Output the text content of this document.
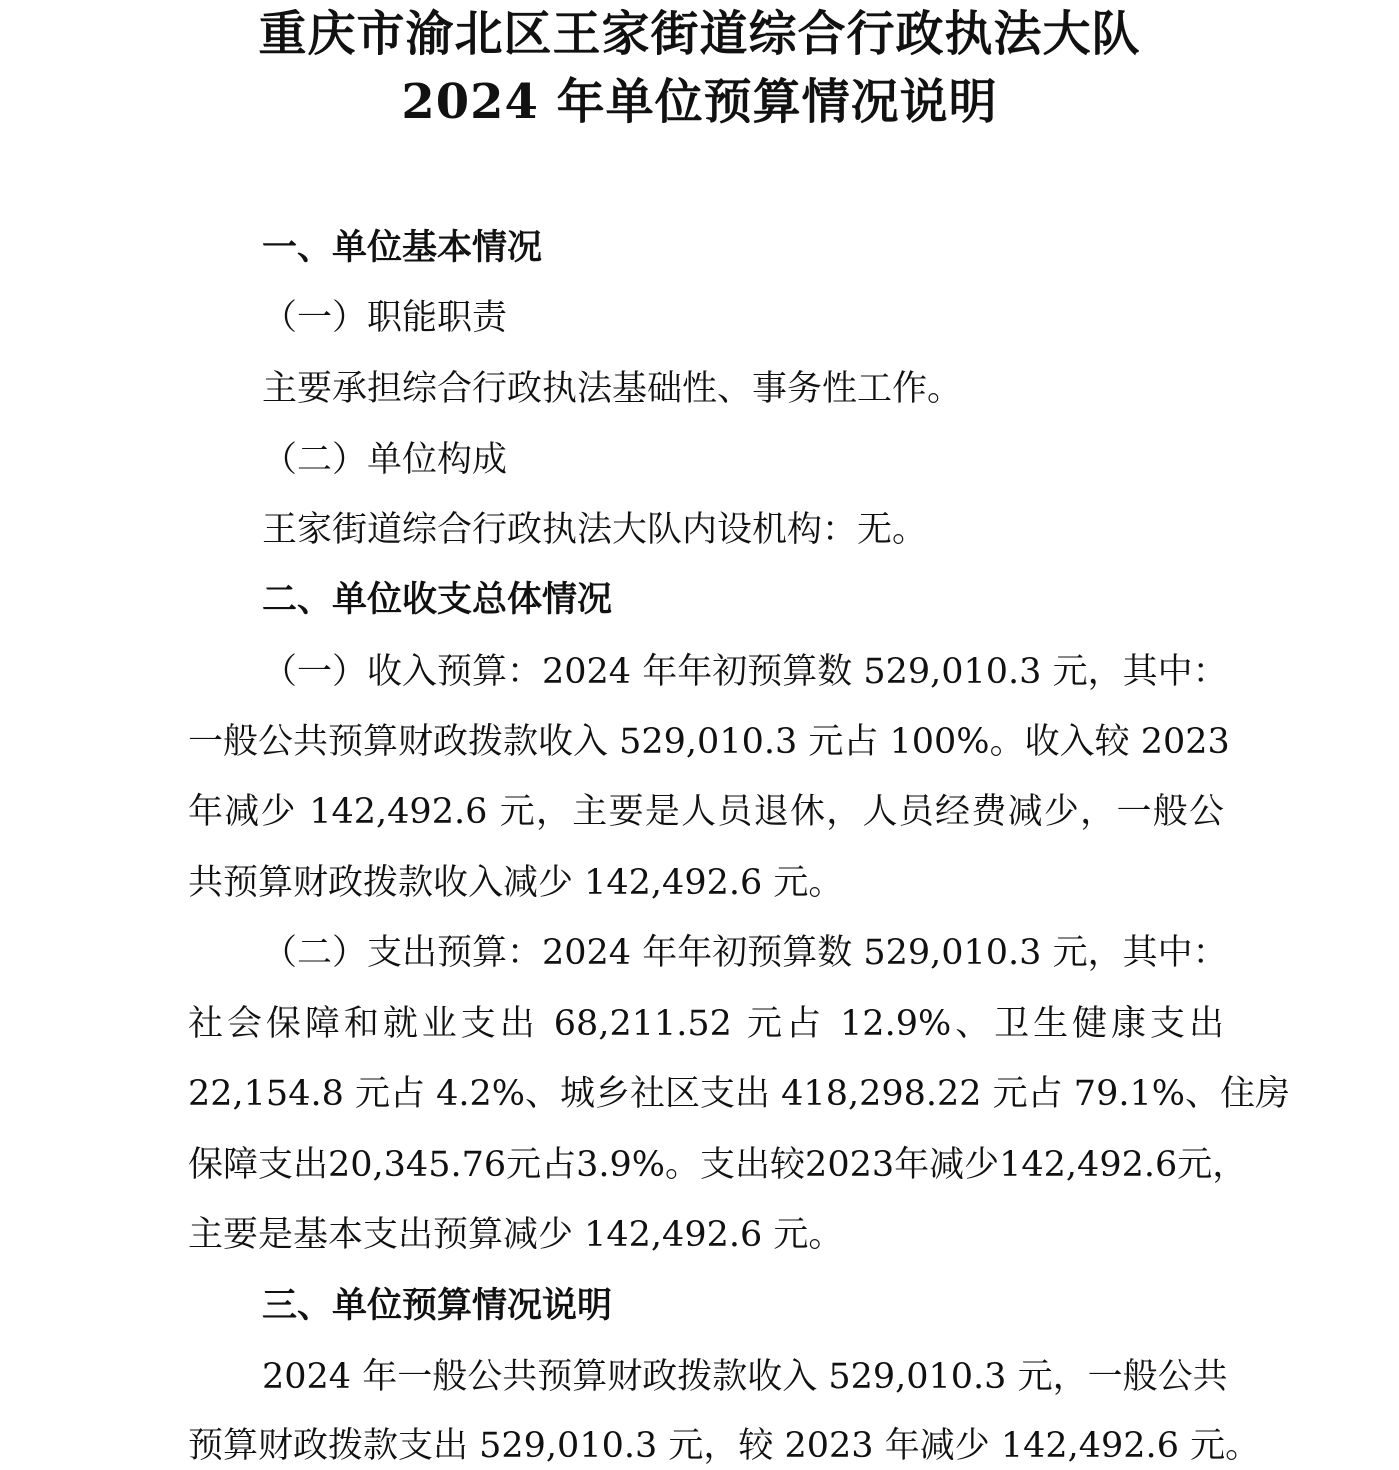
重庆市渝北区王家街道综合行政执法大队
2024 年单位预算情况说明
一、单位基本情况
（一）职能职责
主要承担综合行政执法基础性、事务性工作。
（二）单位构成
王家街道综合行政执法大队内设机构：无。
二、单位收支总体情况
（一）收入预算：2024 年年初预算数 529,010.3 元，其中：
一般公共预算财政拨款收入 529,010.3 元占 100%。收入较 2023
年减少 142,492.6 元，主要是人员退休，人员经费减少，一般公
共预算财政拨款收入减少 142,492.6 元。
（二）支出预算：2024 年年初预算数 529,010.3 元，其中：
社会保障和就业支出 68,211.52 元占 12.9%、卫生健康支出
22,154.8 元占 4.2%、城乡社区支出 418,298.22 元占 79.1%、住房
保障支出20,345.76元占3.9%。支出较2023年减少142,492.6元，
主要是基本支出预算减少 142,492.6 元。
三、单位预算情况说明
2024 年一般公共预算财政拨款收入 529,010.3 元，一般公共
预算财政拨款支出 529,010.3 元，较 2023 年减少 142,492.6 元。
